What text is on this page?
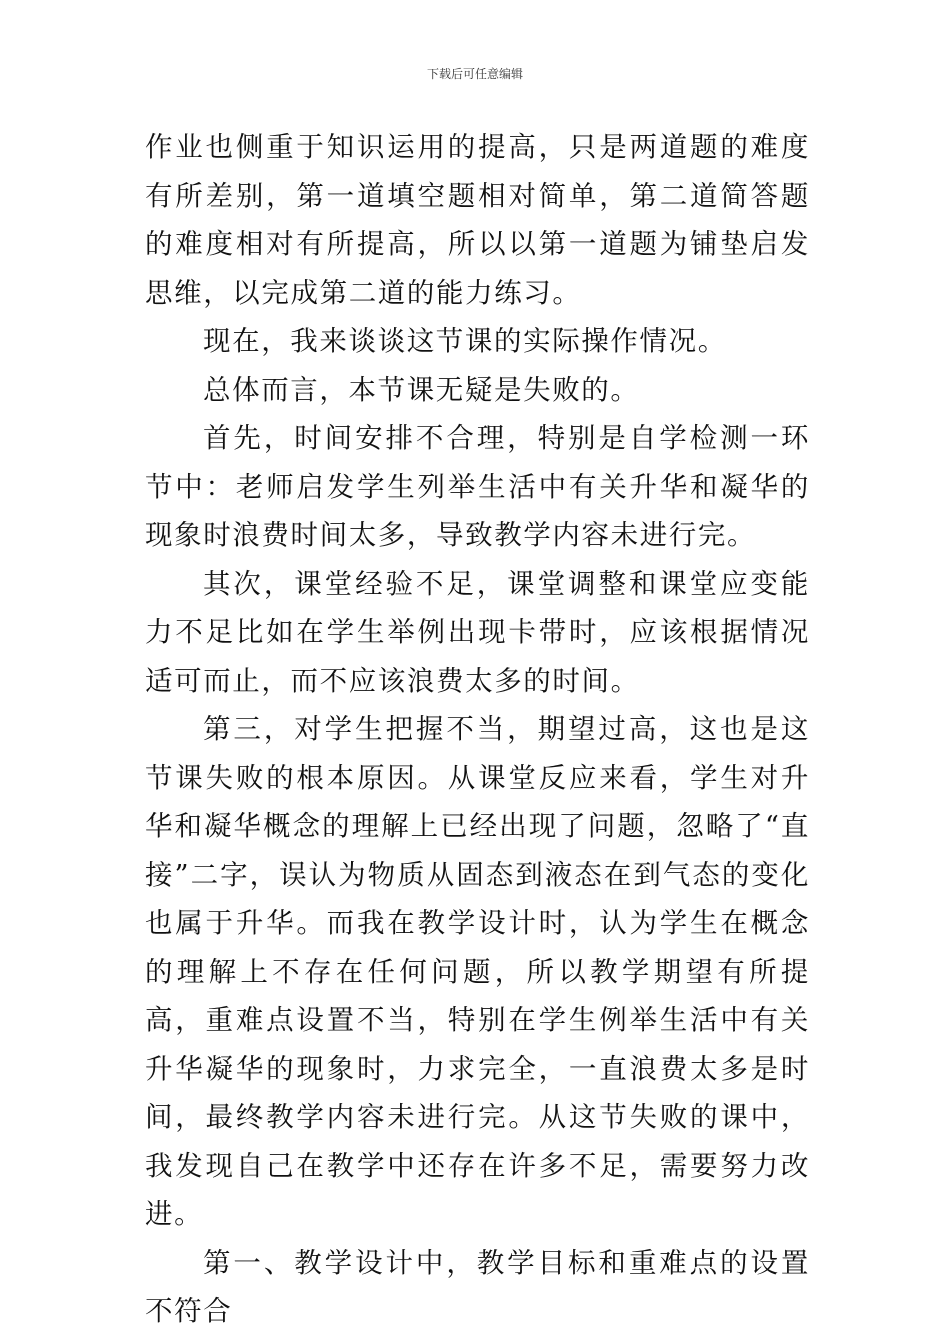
下载后可任意编辑

作业也侧重于知识运用的提高，只是两道题的难度有所差别，第一道填空题相对简单，第二道简答题的难度相对有所提高，所以以第一道题为铺垫启发思维，以完成第二道的能力练习。

现在，我来谈谈这节课的实际操作情况。

总体而言，本节课无疑是失败的。

首先，时间安排不合理，特别是自学检测一环节中：老师启发学生列举生活中有关升华和凝华的现象时浪费时间太多，导致教学内容未进行完。

其次，课堂经验不足，课堂调整和课堂应变能力不足比如在学生举例出现卡带时，应该根据情况适可而止，而不应该浪费太多的时间。

第三，对学生把握不当，期望过高，这也是这节课失败的根本原因。从课堂反应来看，学生对升华和凝华概念的理解上已经出现了问题，忽略了“直接”二字，误认为物质从固态到液态在到气态的变化也属于升华。而我在教学设计时，认为学生在概念的理解上不存在任何问题，所以教学期望有所提高，重难点设置不当，特别在学生例举生活中有关升华凝华的现象时，力求完全，一直浪费太多是时间，最终教学内容未进行完。从这节失败的课中，我发现自己在教学中还存在许多不足，需要努力改进。

第一、教学设计中，教学目标和重难点的设置不符合
